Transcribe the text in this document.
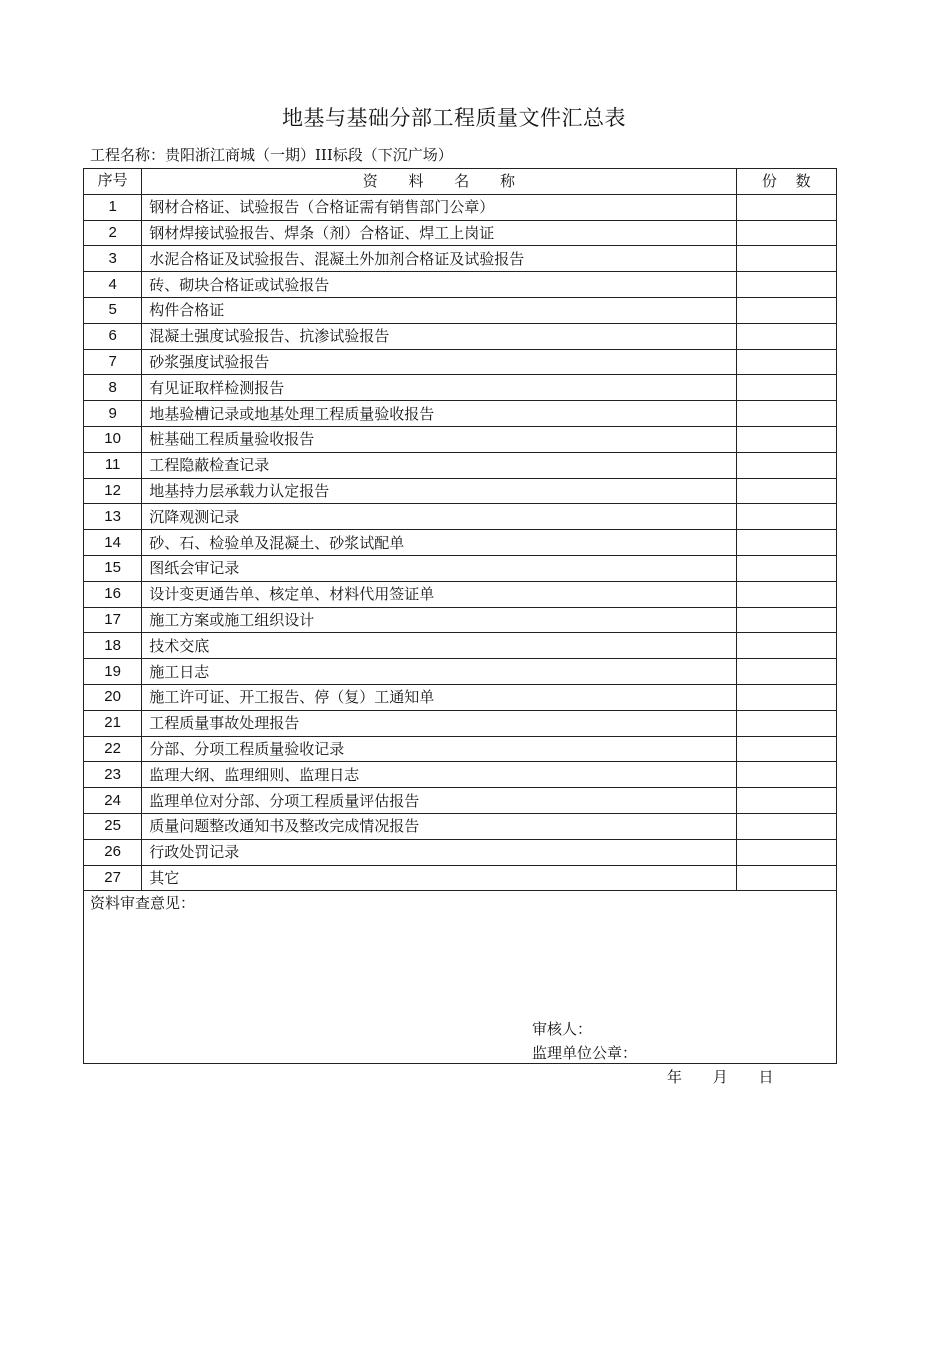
地基与基础分部工程质量文件汇总表
工程名称：贵阳浙江商城（一期）III标段（下沉广场）
序号	资 料 名 称	份 数
1	钢材合格证、试验报告（合格证需有销售部门公章）	
2	钢材焊接试验报告、焊条（剂）合格证、焊工上岗证	
3	水泥合格证及试验报告、混凝土外加剂合格证及试验报告	
4	砖、砌块合格证或试验报告	
5	构件合格证	
6	混凝土强度试验报告、抗渗试验报告	
7	砂浆强度试验报告	
8	有见证取样检测报告	
9	地基验槽记录或地基处理工程质量验收报告	
10	桩基础工程质量验收报告	
11	工程隐蔽检查记录	
12	地基持力层承载力认定报告	
13	沉降观测记录	
14	砂、石、检验单及混凝土、砂浆试配单	
15	图纸会审记录	
16	设计变更通告单、核定单、材料代用签证单	
17	施工方案或施工组织设计	
18	技术交底	
19	施工日志	
20	施工许可证、开工报告、停（复）工通知单	
21	工程质量事故处理报告	
22	分部、分项工程质量验收记录	
23	监理大纲、监理细则、监理日志	
24	监理单位对分部、分项工程质量评估报告	
25	质量问题整改通知书及整改完成情况报告	
26	行政处罚记录	
27	其它	

资料审查意见：
审核人：
监理单位公章：		
年 月 日
